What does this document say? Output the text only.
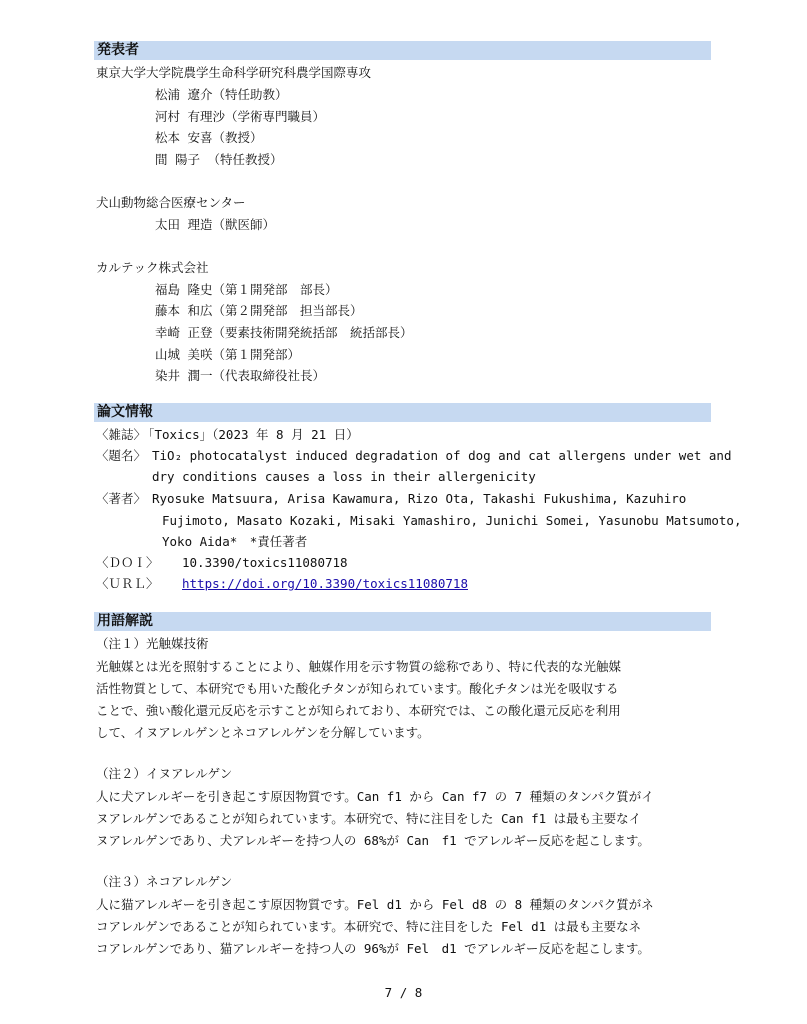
発表者
東京大学大学院農学生命科学研究科農学国際専攻
松浦 遼介（特任助教）
河村 有理沙（学術専門職員）
松本 安喜（教授）
間 陽子 （特任教授）
犬山動物総合医療センター
太田 理造（獣医師）
カルテック株式会社
福島 隆史（第１開発部　部長）
藤本 和広（第２開発部　担当部長）
幸崎 正登（要素技術開発統括部　統括部長）
山城 美咲（第１開発部）
染井 潤一（代表取締役社長）
論文情報
〈雑誌〉
「Toxics」（2023 年 8 月 21 日）
〈題名〉 TiO₂ photocatalyst induced degradation of dog and cat allergens under wet and
dry conditions causes a loss in their allergenicity
〈著者〉 Ryosuke Matsuura, Arisa Kawamura, Rizo Ota, Takashi Fukushima, Kazuhiro
Fujimoto, Masato Kozaki, Misaki Yamashiro, Junichi Somei, Yasunobu Matsumoto,
Yoko Aida*　*責任著者
〈ＤＯＩ〉 10.3390/toxics11080718
〈ＵＲＬ〉 https://doi.org/10.3390/toxics11080718
用語解説
（注１）光触媒技術
光触媒とは光を照射することにより、触媒作用を示す物質の総称であり、特に代表的な光触媒
活性物質として、本研究でも用いた酸化チタンが知られています。酸化チタンは光を吸収する
ことで、強い酸化還元反応を示すことが知られており、本研究では、この酸化還元反応を利用
して、イヌアレルゲンとネコアレルゲンを分解しています。
（注２）イヌアレルゲン
人に犬アレルギーを引き起こす原因物質です。Can f1 から Can f7 の 7 種類のタンパク質がイ
ヌアレルゲンであることが知られています。本研究で、特に注目をした Can f1 は最も主要なイ
ヌアレルゲンであり、犬アレルギーを持つ人の 68%が Can　f1 でアレルギー反応を起こします。
（注３）ネコアレルゲン
人に猫アレルギーを引き起こす原因物質です。Fel d1 から Fel d8 の 8 種類のタンパク質がネ
コアレルゲンであることが知られています。本研究で、特に注目をした Fel d1 は最も主要なネ
コアレルゲンであり、猫アレルギーを持つ人の 96%が Fel　d1 でアレルギー反応を起こします。
7 / 8
